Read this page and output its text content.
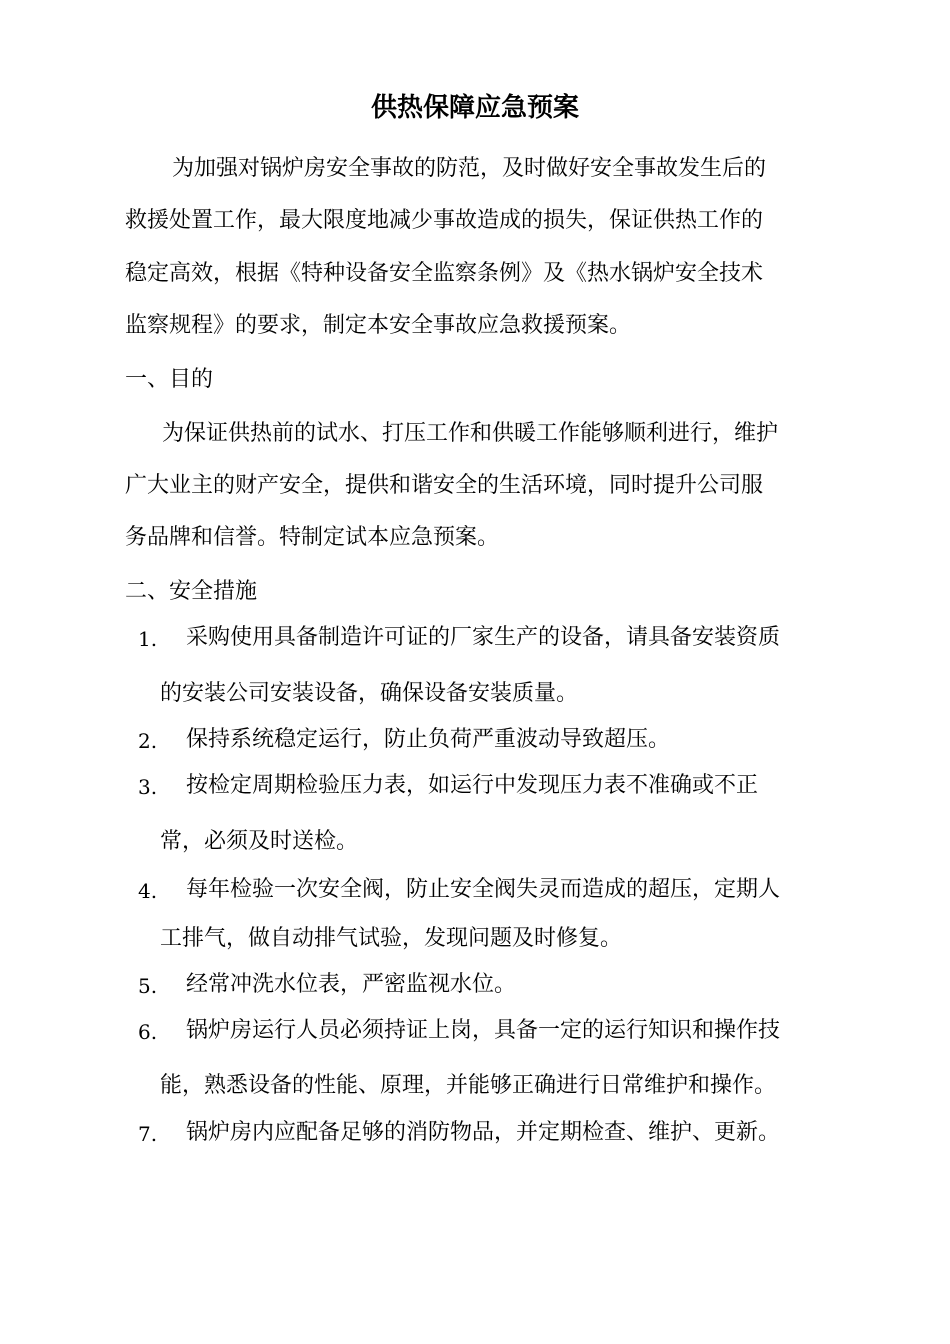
供热保障应急预案
为加强对锅炉房安全事故的防范，及时做好安全事故发生后的
救援处置工作，最大限度地减少事故造成的损失，保证供热工作的
稳定高效，根据《特种设备安全监察条例》及《热水锅炉安全技术
监察规程》的要求，制定本安全事故应急救援预案。
一、目的
为保证供热前的试水、打压工作和供暖工作能够顺利进行，维护
广大业主的财产安全，提供和谐安全的生活环境，同时提升公司服
务品牌和信誉。特制定试本应急预案。
二、安全措施
1. 采购使用具备制造许可证的厂家生产的设备，请具备安装资质
的安装公司安装设备，确保设备安装质量。
2. 保持系统稳定运行，防止负荷严重波动导致超压。
3. 按检定周期检验压力表，如运行中发现压力表不准确或不正
常，必须及时送检。
4. 每年检验一次安全阀，防止安全阀失灵而造成的超压，定期人
工排气，做自动排气试验，发现问题及时修复。
5. 经常冲洗水位表，严密监视水位。
6. 锅炉房运行人员必须持证上岗，具备一定的运行知识和操作技
能，熟悉设备的性能、原理，并能够正确进行日常维护和操作。
7. 锅炉房内应配备足够的消防物品，并定期检查、维护、更新。
